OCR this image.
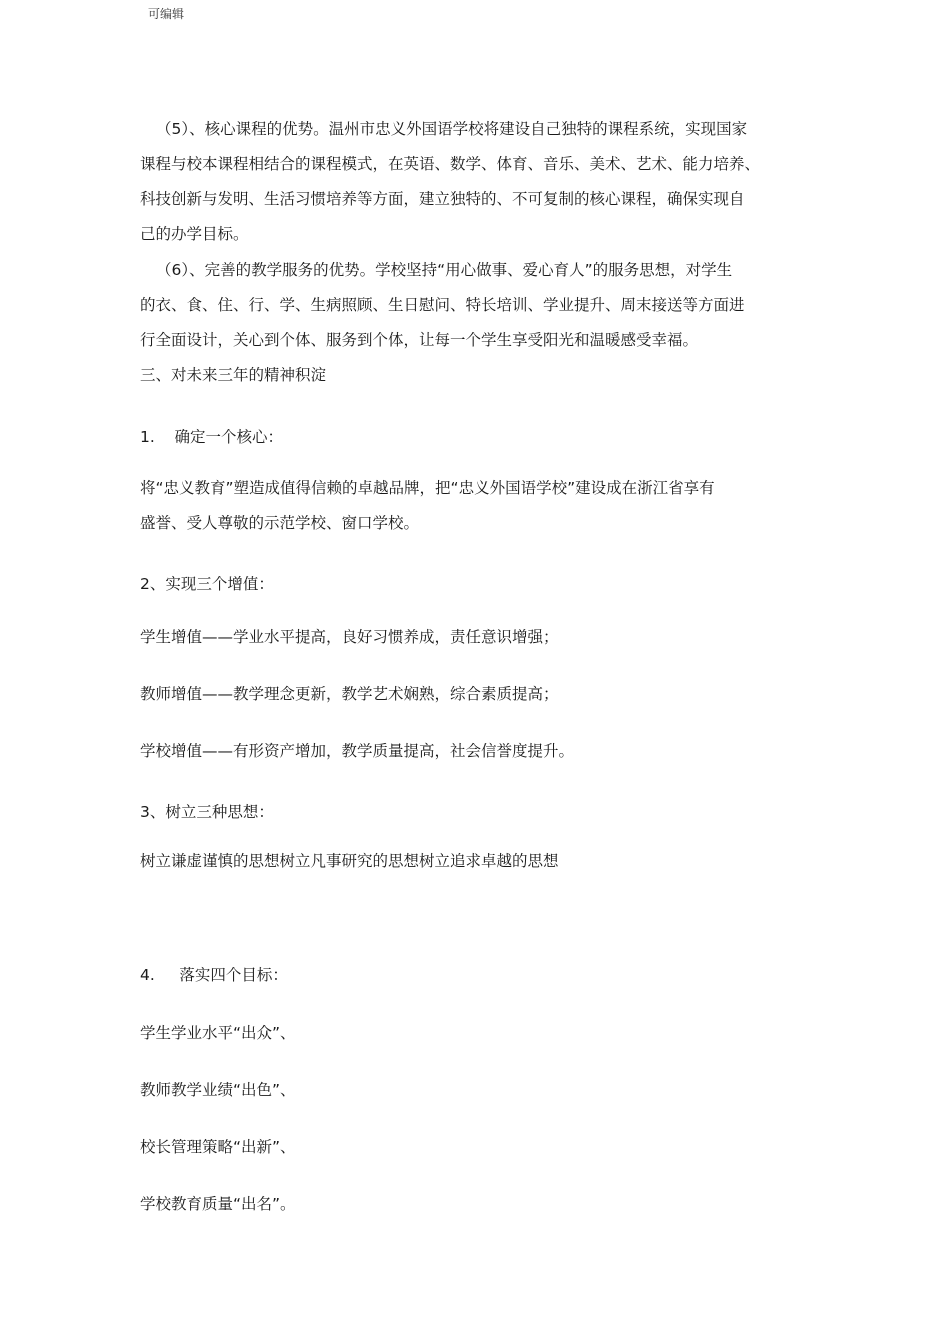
可编辑
（5）、核心课程的优势。温州市忠义外国语学校将建设自己独特的课程系统，实现国家
课程与校本课程相结合的课程模式，在英语、数学、体育、音乐、美术、艺术、能力培养、
科技创新与发明、生活习惯培养等方面，建立独特的、不可复制的核心课程，确保实现自
己的办学目标。
（6）、完善的教学服务的优势。学校坚持“用心做事、爱心育人”的服务思想，对学生
的衣、食、住、行、学、生病照顾、生日慰问、特长培训、学业提升、周末接送等方面进
行全面设计，关心到个体、服务到个体，让每一个学生享受阳光和温暖感受幸福。
三、对未来三年的精神积淀
1.    确定一个核心：
将“忠义教育”塑造成值得信赖的卓越品牌，把“忠义外国语学校”建设成在浙江省享有
盛誉、受人尊敬的示范学校、窗口学校。
2、实现三个增值：
学生增值——学业水平提高，良好习惯养成，责任意识增强；
教师增值——教学理念更新，教学艺术娴熟，综合素质提高；
学校增值——有形资产增加，教学质量提高，社会信誉度提升。
3、树立三种思想：
树立谦虚谨慎的思想树立凡事研究的思想树立追求卓越的思想
4.     落实四个目标：
学生学业水平“出众”、
教师教学业绩“出色”、
校长管理策略“出新”、
学校教育质量“出名”。
